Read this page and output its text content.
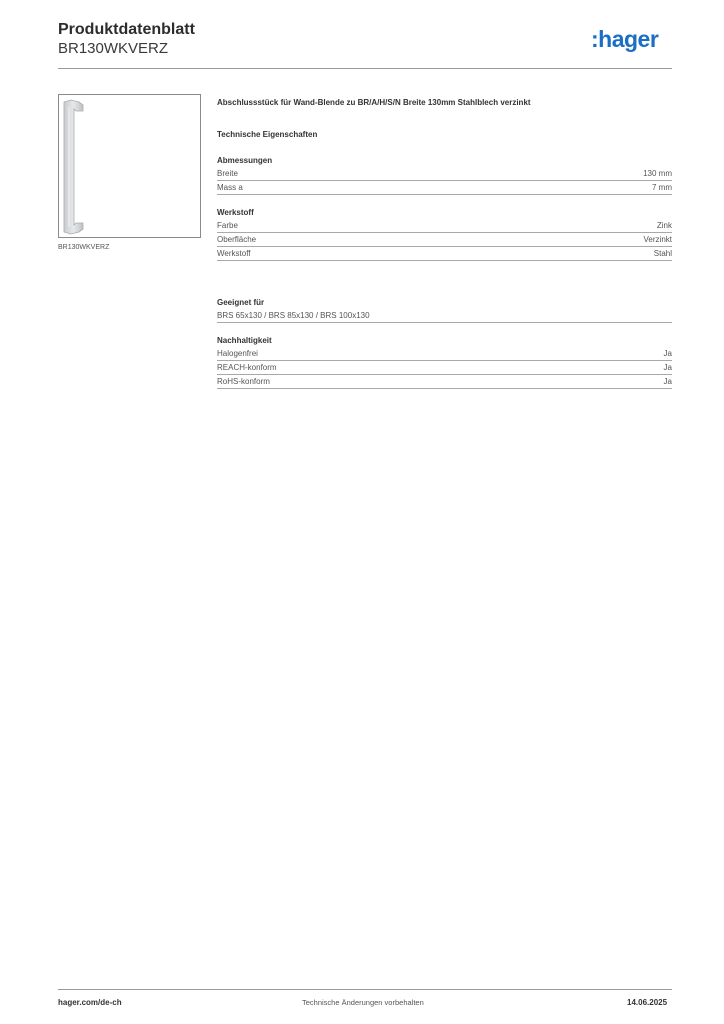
Produktdatenblatt
BR130WKVERZ	:hager
BR130WKVERZ
Abschlussstück für Wand-Blende zu BR/A/H/S/N Breite 130mm Stahlblech verzinkt
Technische Eigenschaften
Abmessungen
Breite	130 mm
Mass a	7 mm
Werkstoff
Farbe	Zink
Oberfläche	Verzinkt
Werkstoff	Stahl
Geeignet für
BRS 65x130 / BRS 85x130 / BRS 100x130
Nachhaltigkeit
Halogenfrei	Ja
REACH-konform	Ja
RoHS-konform	Ja
hager.com/de-ch	Technische Änderungen vorbehalten	14.06.2025
